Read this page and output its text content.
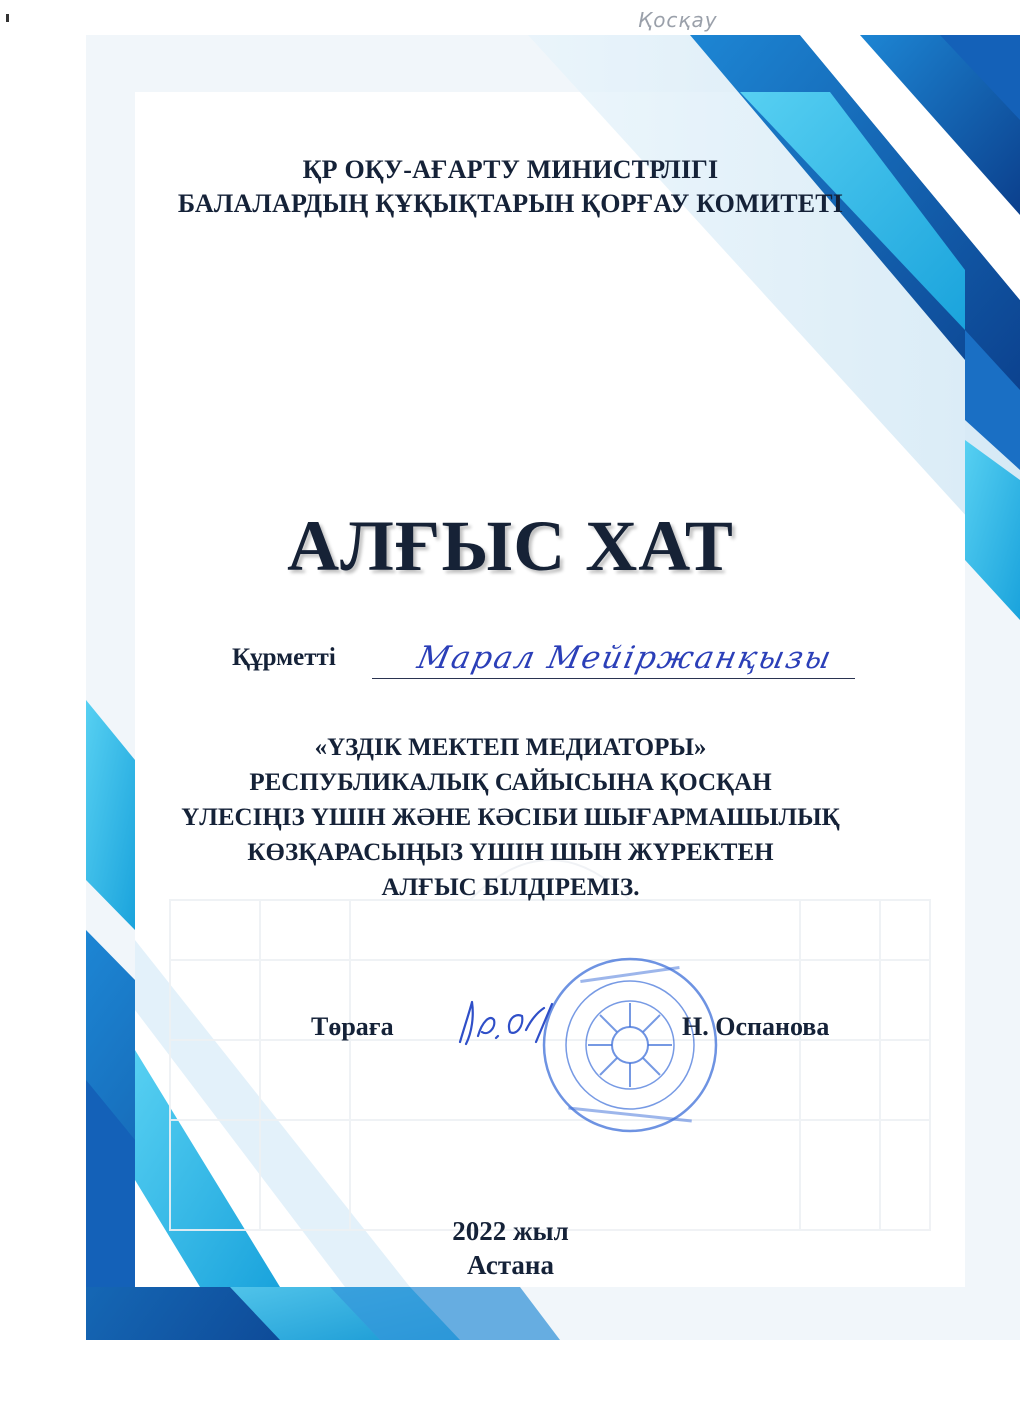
Қосқау

ҚР ОҚУ-АҒАРТУ МИНИСТРЛІГІ

БАЛАЛАРДЫҢ ҚҰҚЫҚТАРЫН ҚОРҒАУ КОМИТЕТІ

АЛҒЫС ХАТ
Құрметті	Марал Мейіржанқызы

«ҮЗДІК МЕКТЕП МЕДИАТОРЫ»

РЕСПУБЛИКАЛЫҚ САЙЫСЫНА ҚОСҚАН

ҮЛЕСІҢІЗ ҮШІН ЖӘНЕ КӘСІБИ ШЫҒАРМАШЫЛЫҚ

КӨЗҚАРАСЫҢЫЗ ҮШІН ШЫН ЖҮРЕКТЕН

АЛҒЫС БІЛДІРЕМІЗ.

Төраға	Н. Оспанова

2022 жыл

Астана
